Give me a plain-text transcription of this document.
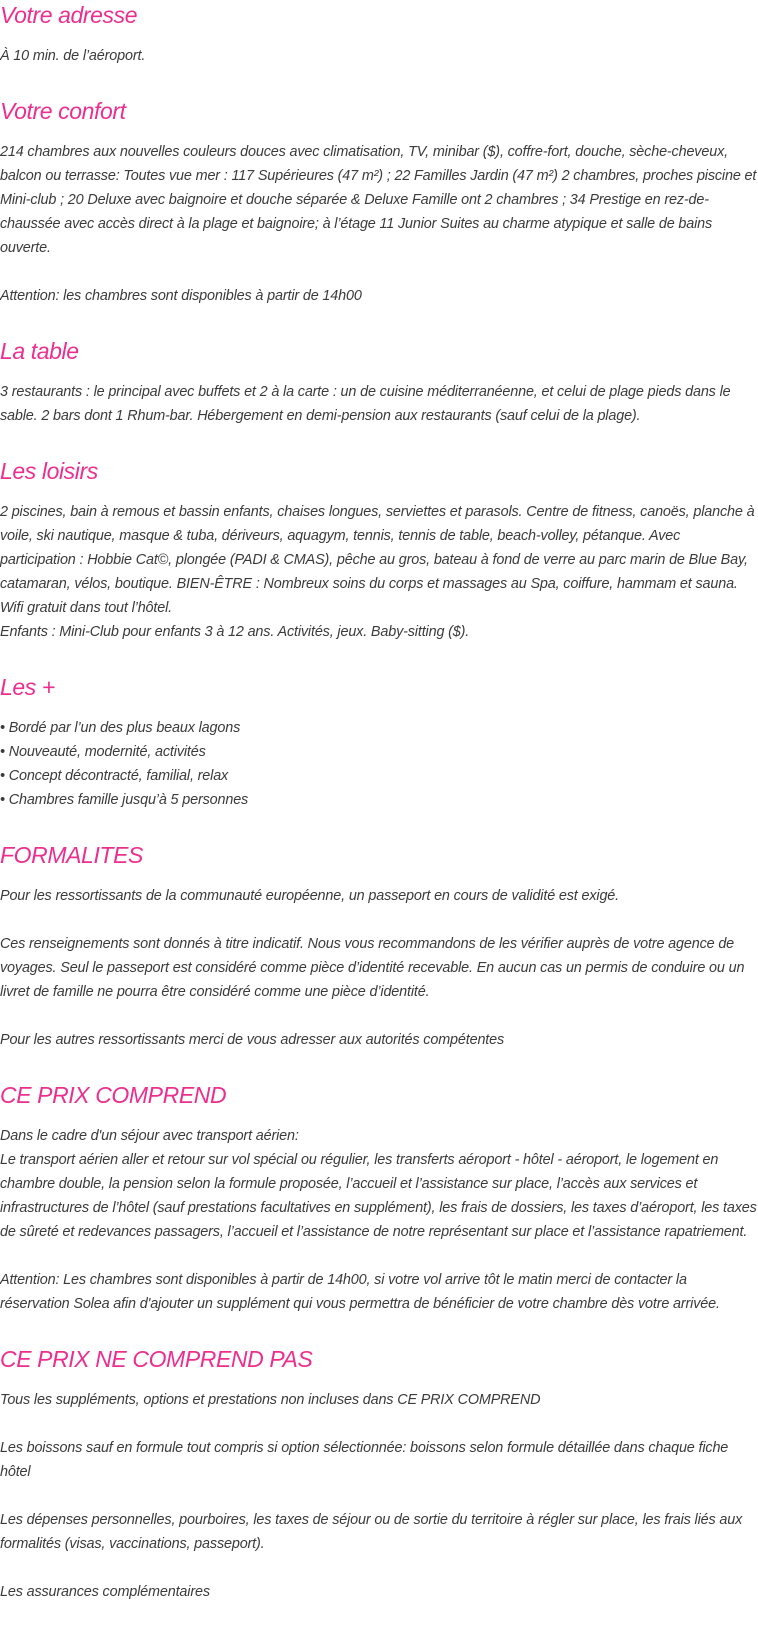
Votre adresse

À 10 min. de l’aéroport.

Votre confort

214 chambres aux nouvelles couleurs douces avec climatisation, TV, minibar ($), coffre-fort, douche, sèche-cheveux, balcon ou terrasse: Toutes vue mer : 117 Supérieures (47 m²) ; 22 Familles Jardin (47 m²) 2 chambres, proches piscine et Mini-club ; 20 Deluxe avec baignoire et douche séparée & Deluxe Famille ont 2 chambres ; 34 Prestige en rez-de-chaussée avec accès direct à la plage et baignoire; à l’étage 11 Junior Suites au charme atypique et salle de bains ouverte.

Attention: les chambres sont disponibles à partir de 14h00

La table

3 restaurants : le principal avec buffets et 2 à la carte : un de cuisine méditerranéenne, et celui de plage pieds dans le sable. 2 bars dont 1 Rhum-bar. Hébergement en demi-pension aux restaurants (sauf celui de la plage).

Les loisirs

2 piscines, bain à remous et bassin enfants, chaises longues, serviettes et parasols. Centre de fitness, canoës, planche à voile, ski nautique, masque & tuba, dériveurs, aquagym, tennis, tennis de table, beach-volley, pétanque. Avec participation : Hobbie Cat©, plongée (PADI & CMAS), pêche au gros, bateau à fond de verre au parc marin de Blue Bay, catamaran, vélos, boutique. BIEN-ÊTRE : Nombreux soins du corps et massages au Spa, coiffure, hammam et sauna. Wifi gratuit dans tout l’hôtel.
Enfants : Mini-Club pour enfants 3 à 12 ans. Activités, jeux. Baby-sitting ($).

Les +

• Bordé par l’un des plus beaux lagons
• Nouveauté, modernité, activités
• Concept décontracté, familial, relax
• Chambres famille jusqu’à 5 personnes

FORMALITES

Pour les ressortissants de la communauté européenne, un passeport en cours de validité est exigé.

Ces renseignements sont donnés à titre indicatif. Nous vous recommandons de les vérifier auprès de votre agence de voyages. Seul le passeport est considéré comme pièce d’identité recevable. En aucun cas un permis de conduire ou un livret de famille ne pourra être considéré comme une pièce d’identité.

Pour les autres ressortissants merci de vous adresser aux autorités compétentes

CE PRIX COMPREND

Dans le cadre d'un séjour avec transport aérien:
Le transport aérien aller et retour sur vol spécial ou régulier, les transferts aéroport - hôtel - aéroport, le logement en chambre double, la pension selon la formule proposée, l’accueil et l’assistance sur place, l’accès aux services et infrastructures de l’hôtel (sauf prestations facultatives en supplément), les frais de dossiers, les taxes d’aéroport, les taxes de sûreté et redevances passagers, l’accueil et l’assistance de notre représentant sur place et l’assistance rapatriement.

Attention: Les chambres sont disponibles à partir de 14h00, si votre vol arrive tôt le matin merci de contacter la réservation Solea afin d'ajouter un supplément qui vous permettra de bénéficier de votre chambre dès votre arrivée.

CE PRIX NE COMPREND PAS

Tous les suppléments, options et prestations non incluses dans CE PRIX COMPREND

Les boissons sauf en formule tout compris si option sélectionnée: boissons selon formule détaillée dans chaque fiche hôtel

Les dépenses personnelles, pourboires, les taxes de séjour ou de sortie du territoire à régler sur place, les frais liés aux formalités (visas, vaccinations, passeport).

Les assurances complémentaires
